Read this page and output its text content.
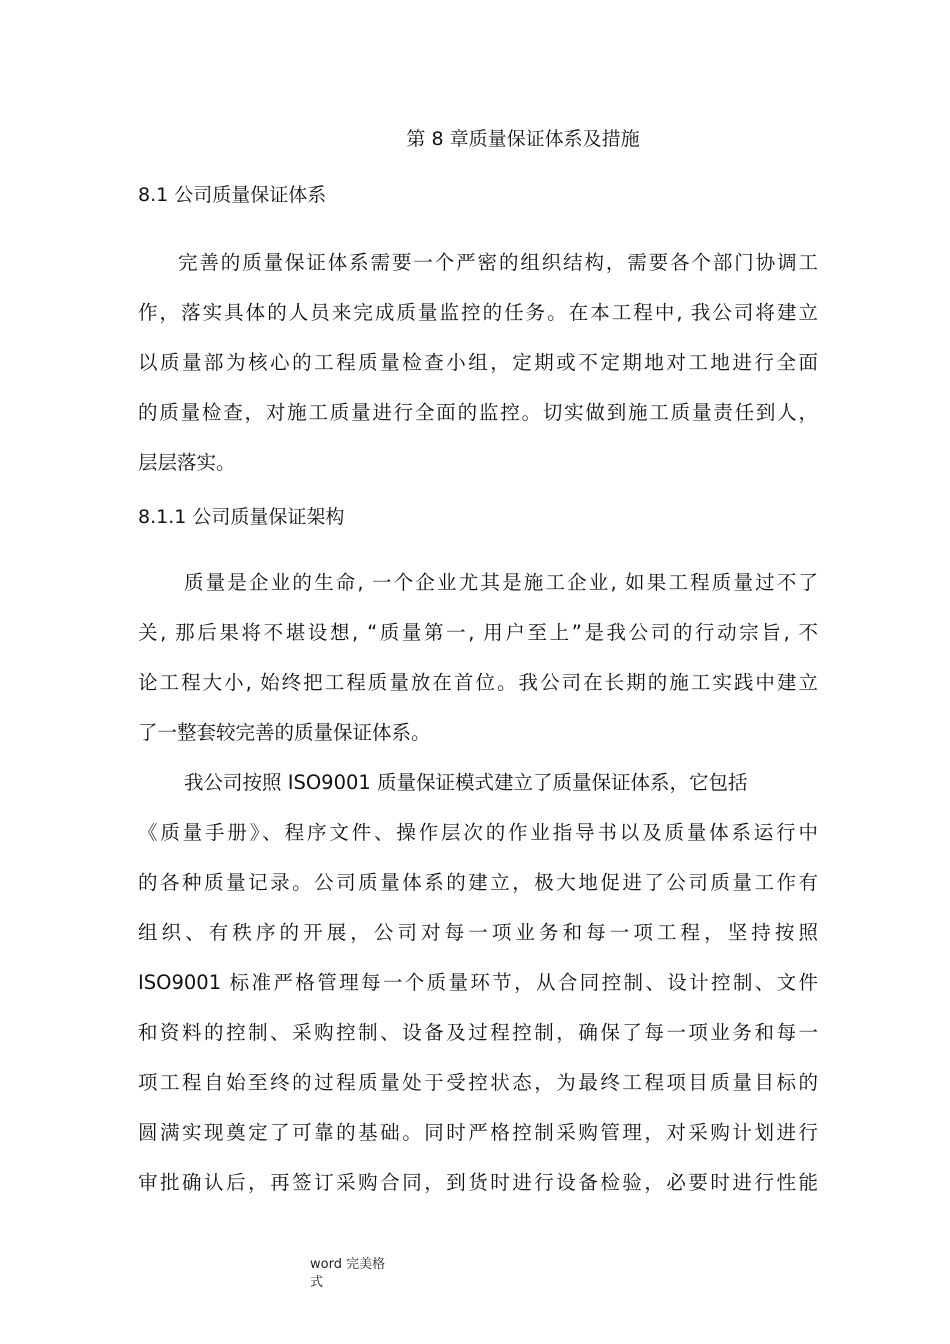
第 8 章质量保证体系及措施
8.1 公司质量保证体系
完善的质量保证体系需要一个严密的组织结构，需要各个部门协调工
作，落实具体的人员来完成质量监控的任务。在本工程中, 我公司将建立
以质量部为核心的工程质量检查小组，定期或不定期地对工地进行全面
的质量检查，对施工质量进行全面的监控。切实做到施工质量责任到人，
层层落实。
8.1.1 公司质量保证架构
质量是企业的生命, 一个企业尤其是施工企业, 如果工程质量过不了
关, 那后果将不堪设想, “质量第一, 用户至上”是我公司的行动宗旨, 不
论工程大小, 始终把工程质量放在首位。我公司在长期的施工实践中建立
了一整套较完善的质量保证体系。
我公司按照 ISO9001 质量保证模式建立了质量保证体系，它包括
《质量手册》、程序文件、操作层次的作业指导书以及质量体系运行中
的各种质量记录。公司质量体系的建立，极大地促进了公司质量工作有
组织、有秩序的开展，公司对每一项业务和每一项工程，坚持按照
ISO9001 标准严格管理每一个质量环节，从合同控制、设计控制、文件
和资料的控制、采购控制、设备及过程控制，确保了每一项业务和每一
项工程自始至终的过程质量处于受控状态，为最终工程项目质量目标的
圆满实现奠定了可靠的基础。同时严格控制采购管理，对采购计划进行
审批确认后，再签订采购合同，到货时进行设备检验，必要时进行性能
word 完美格
式
